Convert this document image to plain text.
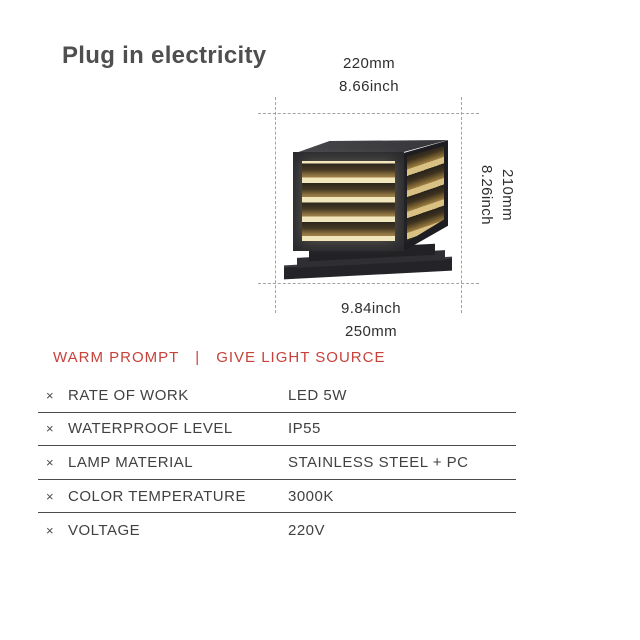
Plug in electricity	220mm
8.66inch
210mm
8.26inch
9.84inch
250mm
WARM PROMPT | GIVE LIGHT SOURCE
× RATE OF WORK	LED 5W
× WATERPROOF LEVEL	IP55
× LAMP MATERIAL	STAINLESS STEEL + PC
× COLOR TEMPERATURE	3000K
× VOLTAGE	220V
